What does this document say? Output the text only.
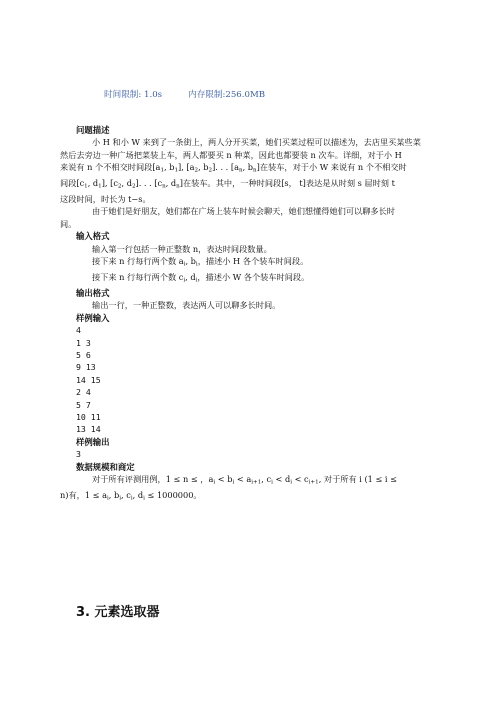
时间限制: 1.0s	内存限制:256.0MB
问题描述
小 H 和小 W 来到了一条街上，两人分开买菜，她们买菜过程可以描述为，去店里买某些菜
然后去旁边一种广场把菜装上车，两人都要买 n 种菜，因此也都要装 n 次车。详细，对于小 H
来说有 n 个不相交时间段[$a_1$, $b_1$], [$a_2$, $b_2$]. . . [$a_n$, $b_n$]在装车，对于小 W 来说有 n 个不相交时
间段[$c_1$, $d_1$], [$c_2$, $d_2$]. . . [$c_n$, $d_n$]在装车。其中，一种时间段[s， t]表达是从时刻 s 屇时刻 t
这段时间，时长为 t−s。
由于她们是好朋友，她们都在广场上装车时候会聊天，她们想懂得她们可以聊多长时
间。
输入格式
输入第一行包括一种正整数 n，表达时间段数量。
接下来 n 行每行两个数 $a_i$, $b_i$，描述小 H 各个装车时间段。
接下来 n 行每行两个数 $c_i$, $d_i$，描述小 W 各个装车时间段。
输出格式
输出一行，一种正整数，表达两人可以聊多长时间。
样例输入
4
1 3
5 6
9 13
14 15
2 4
5 7
10 11
13 14
样例输出
3
数据规模和商定
对于所有评测用例，1 ≤ n ≤ ，$a_i < b_i < a_{i+1}$, $c_i < d_i < c_{i+1}$, 对于所有 i (1 ≤ i ≤
n)有，$1 \le a_i$, $b_i$, $c_i$, $d_i \le 1000000$。
3. 元素选取器
